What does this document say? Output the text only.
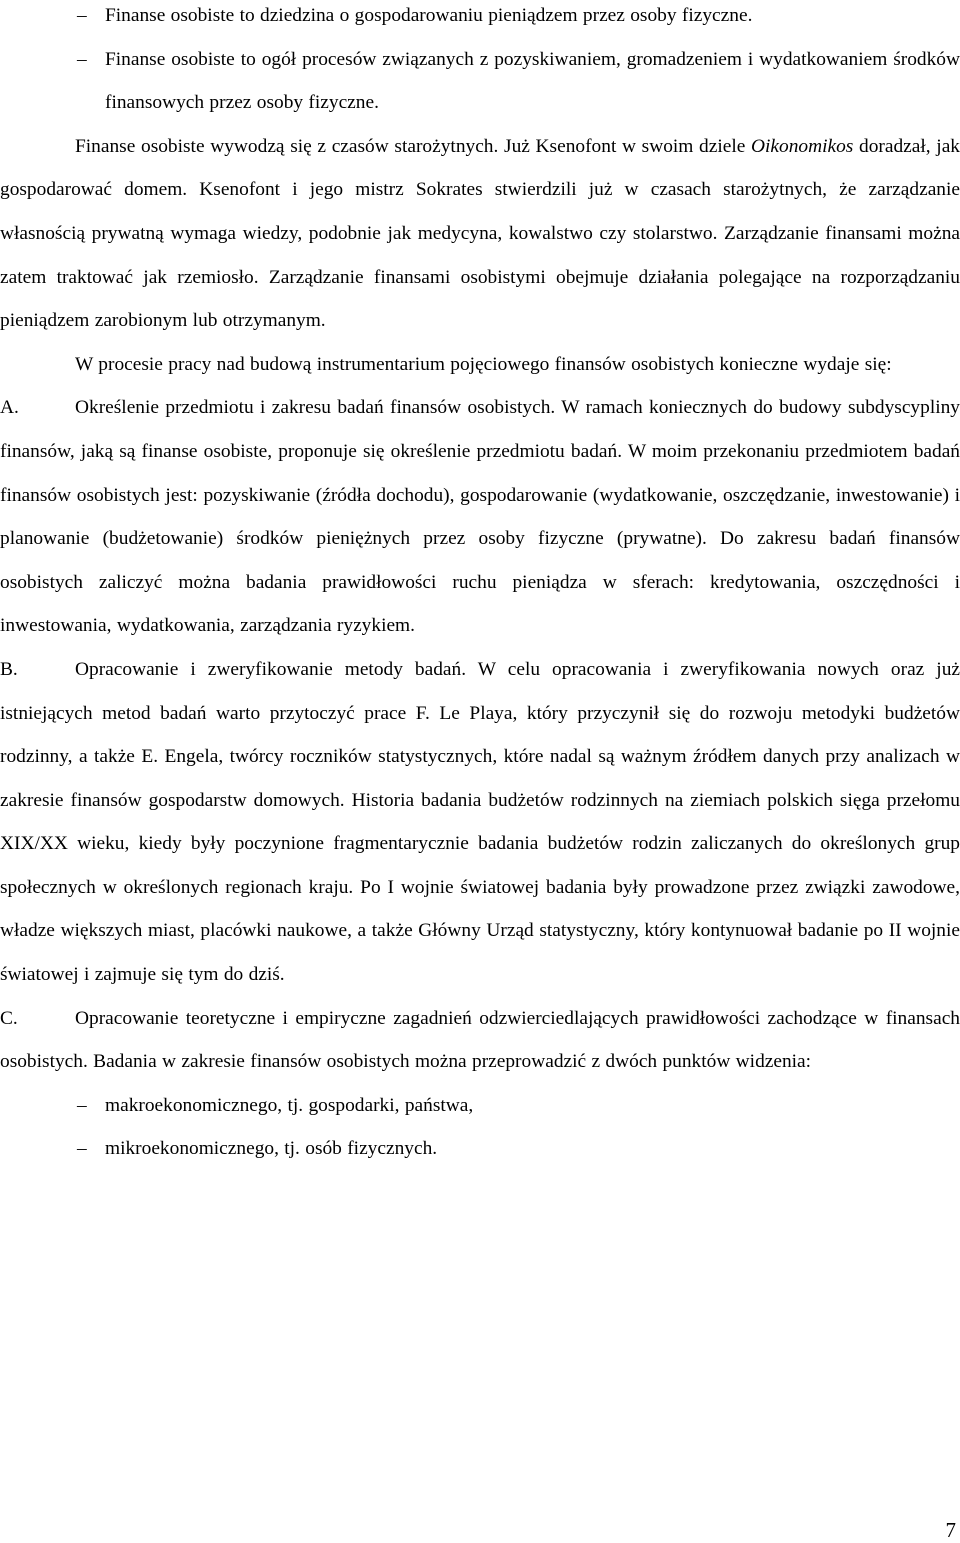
– Finanse osobiste to dziedzina o gospodarowaniu pieniądzem przez osoby fizyczne.
– Finanse osobiste to ogół procesów związanych z pozyskiwaniem, gromadzeniem i wydatkowaniem środków finansowych przez osoby fizyczne.

Finanse osobiste wywodzą się z czasów starożytnych. Już Ksenofont w swoim dziele Oikonomikos doradzał, jak gospodarować domem. Ksenofont i jego mistrz Sokrates stwierdzili już w czasach starożytnych, że zarządzanie własnością prywatną wymaga wiedzy, podobnie jak medycyna, kowalstwo czy stolarstwo. Zarządzanie finansami można zatem traktować jak rzemiosło. Zarządzanie finansami osobistymi obejmuje działania polegające na rozporządzaniu pieniądzem zarobionym lub otrzymanym.

W procesie pracy nad budową instrumentarium pojęciowego finansów osobistych konieczne wydaje się:

A.	Określenie przedmiotu i zakresu badań finansów osobistych. W ramach koniecznych do budowy subdyscypliny finansów, jaką są finanse osobiste, proponuje się określenie przedmiotu badań. W moim przekonaniu przedmiotem badań finansów osobistych jest: pozyskiwanie (źródła dochodu), gospodarowanie (wydatkowanie, oszczędzanie, inwestowanie) i planowanie (budżetowanie) środków pieniężnych przez osoby fizyczne (prywatne). Do zakresu badań finansów osobistych zaliczyć można badania prawidłowości ruchu pieniądza w sferach: kredytowania, oszczędności i inwestowania, wydatkowania, zarządzania ryzykiem.

B.	Opracowanie i zweryfikowanie metody badań. W celu opracowania i zweryfikowania nowych oraz już istniejących metod badań warto przytoczyć prace F. Le Playa, który przyczynił się do rozwoju metodyki budżetów rodzinny, a także E. Engela, twórcy roczników statystycznych, które nadal są ważnym źródłem danych przy analizach w zakresie finansów gospodarstw domowych. Historia badania budżetów rodzinnych na ziemiach polskich sięga przełomu XIX/XX wieku, kiedy były poczynione fragmentarycznie badania budżetów rodzin zaliczanych do określonych grup społecznych w określonych regionach kraju. Po I wojnie światowej badania były prowadzone przez związki zawodowe, władze większych miast, placówki naukowe, a także Główny Urząd statystyczny, który kontynuował badanie po II wojnie światowej i zajmuje się tym do dziś.

C.	Opracowanie teoretyczne i empiryczne zagadnień odzwierciedlających prawidłowości zachodzące w finansach osobistych. Badania w zakresie finansów osobistych można przeprowadzić z dwóch punktów widzenia:

– makroekonomicznego, tj. gospodarki, państwa,
– mikroekonomicznego, tj. osób fizycznych.
7
